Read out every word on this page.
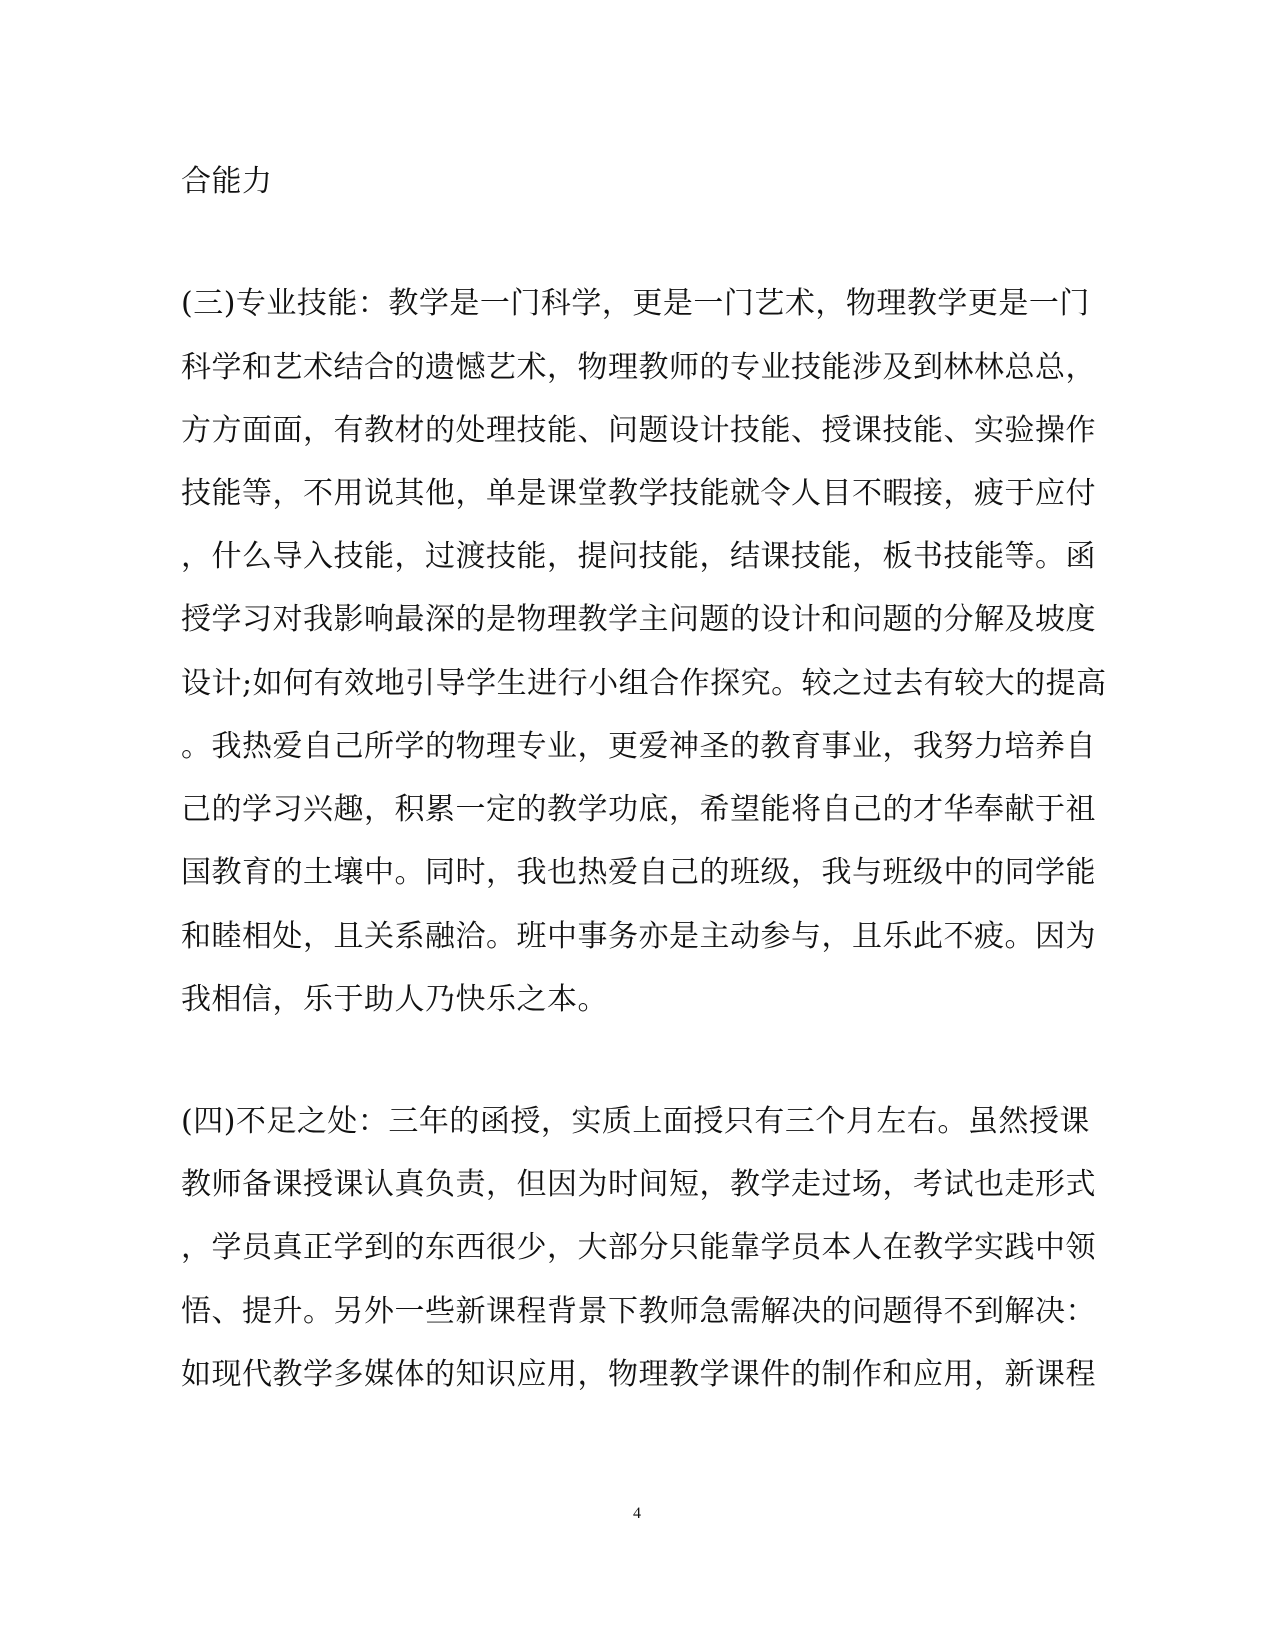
合能力
(三)专业技能：教学是一门科学，更是一门艺术，物理教学更是一门
科学和艺术结合的遗憾艺术，物理教师的专业技能涉及到林林总总，
方方面面，有教材的处理技能、问题设计技能、授课技能、实验操作
技能等，不用说其他，单是课堂教学技能就令人目不暇接，疲于应付
，什么导入技能，过渡技能，提问技能，结课技能，板书技能等。函
授学习对我影响最深的是物理教学主问题的设计和问题的分解及坡度
设计;如何有效地引导学生进行小组合作探究。较之过去有较大的提高
。我热爱自己所学的物理专业，更爱神圣的教育事业，我努力培养自
己的学习兴趣，积累一定的教学功底，希望能将自己的才华奉献于祖
国教育的土壤中。同时，我也热爱自己的班级，我与班级中的同学能
和睦相处，且关系融洽。班中事务亦是主动参与，且乐此不疲。因为
我相信，乐于助人乃快乐之本。
(四)不足之处：三年的函授，实质上面授只有三个月左右。虽然授课
教师备课授课认真负责，但因为时间短，教学走过场，考试也走形式
，学员真正学到的东西很少，大部分只能靠学员本人在教学实践中领
悟、提升。另外一些新课程背景下教师急需解决的问题得不到解决：
如现代教学多媒体的知识应用，物理教学课件的制作和应用，新课程
4
